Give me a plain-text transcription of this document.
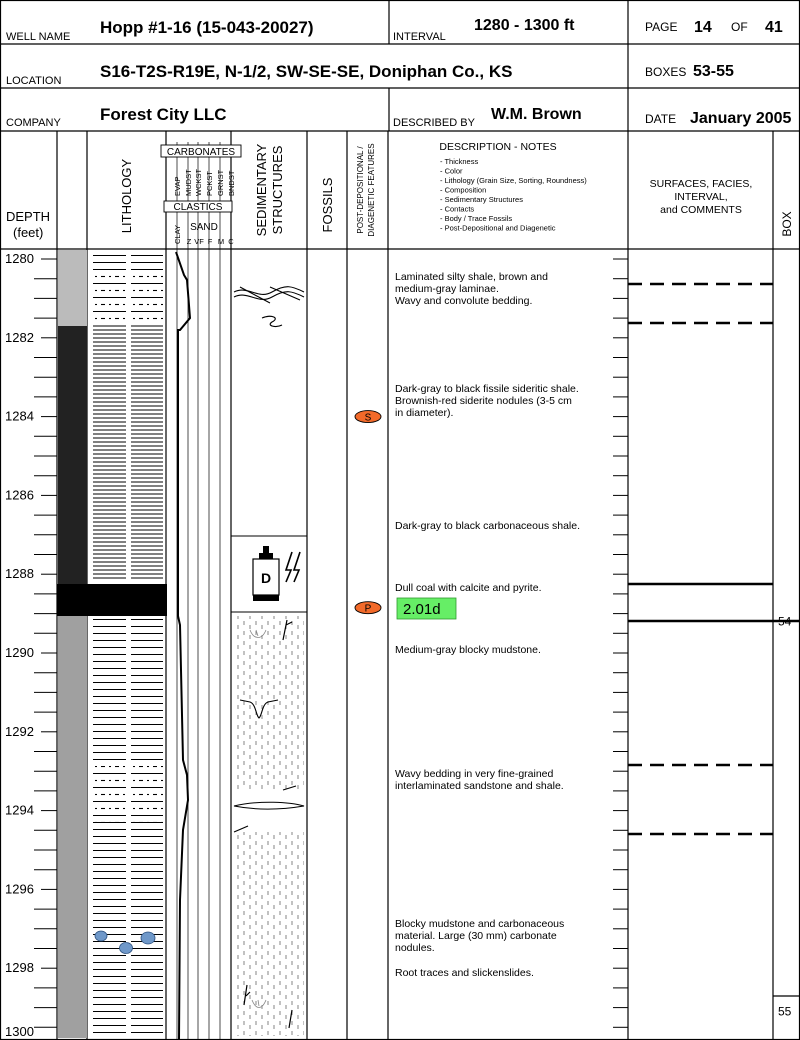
WELL NAME Hopp #1-16 (15-043-20027)	INTERVAL
1280 - 1300 ft	PAGE 14 OF 41
LOCATION S16-T2S-R19E, N-1/2, SW-SE-SE, Doniphan Co., KS	BOXES 53-55
COMPANY Forest City LLC	DESCRIBED BY W.M. Brown	DATE January 2005
DEPTH
(feet)	LITHOLOGY
CARBONATES
EVAP MUDST WCKST PCKST GRNST BNDST
CLASTICS
CLAY SAND
Z VF F M C
SEDIMENTARY STRUCTURES	FOSSILS	POST-DEPOSITIONAL / DIAGENETIC FEATURES	DESCRIPTION - NOTES
- Thickness
- Color
- Lithology (Grain Size, Sorting, Roundness)
- Composition
- Sedimentary Structures
- Contacts
- Body / Trace Fossils
- Post-Depositional and Diagenetic
SURFACES, FACIES,
INTERVAL,
and COMMENTS
BOX
1280
1282
1284
1286
1288
1290
1292
1294
1296
1298
1300
D
S
P 2.01d
Laminated silty shale, brown and
medium-gray laminae.
Wavy and convolute bedding.
Dark-gray to black fissile sideritic shale.
Brownish-red siderite nodules (3-5 cm
in diameter).
Dark-gray to black carbonaceous shale.
Dull coal with calcite and pyrite.
Medium-gray blocky mudstone.
Wavy bedding in very fine-grained
interlaminated sandstone and shale.
Blocky mudstone and carbonaceous
material. Large (30 mm) carbonate
nodules.
Root traces and slickenslides.
54
55
